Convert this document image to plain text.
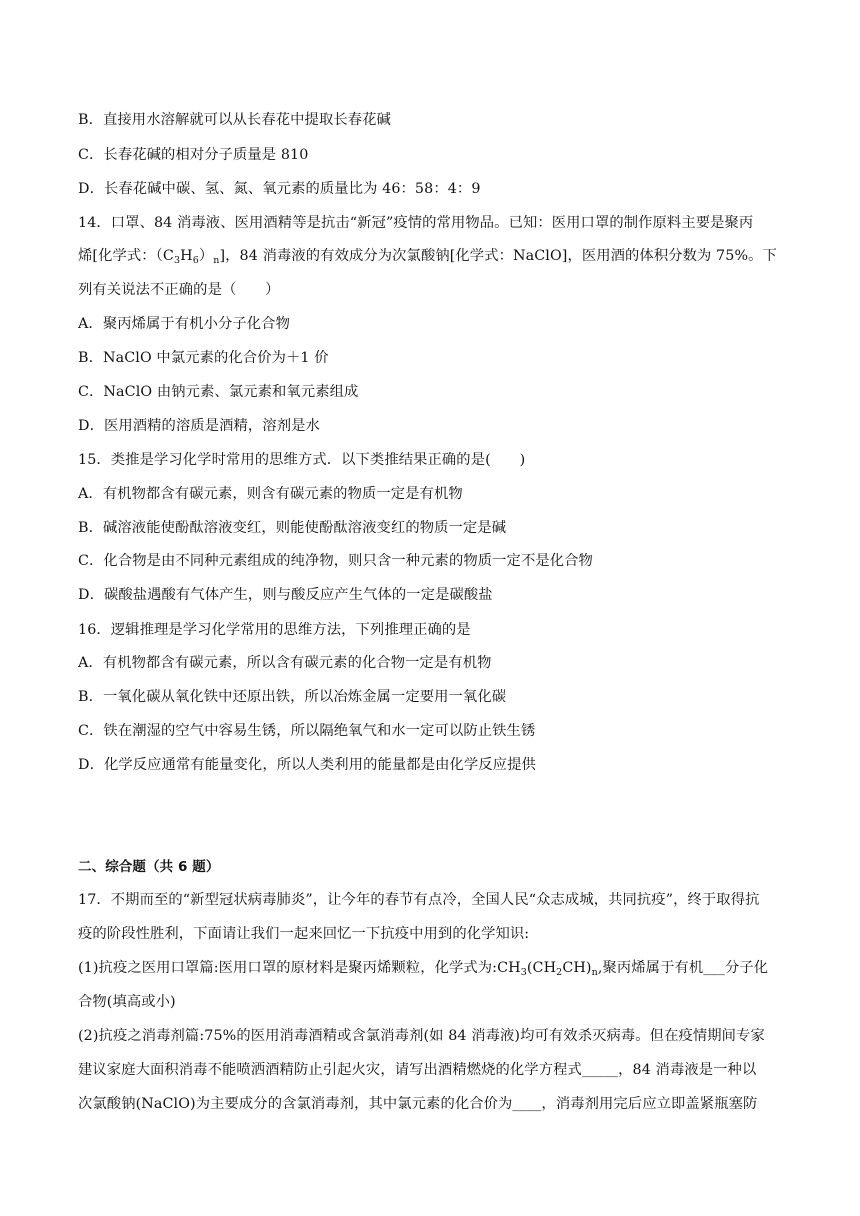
B．直接用水溶解就可以从长春花中提取长春花碱
C．长春花碱的相对分子质量是 810
D．长春花碱中碳、氢、氮、氧元素的质量比为 46：58：4：9
14．口罩、84 消毒液、医用酒精等是抗击“新冠”疫情的常用物品。已知：医用口罩的制作原料主要是聚丙
烯[化学式：$(C_3H_6)_n$]，84 消毒液的有效成分为次氯酸钠[化学式：NaClO]，医用酒的体积分数为 75%。下
列有关说法不正确的是（　　）
A．聚丙烯属于有机小分子化合物
B．NaClO 中氯元素的化合价为＋1 价
C．NaClO 由钠元素、氯元素和氧元素组成
D．医用酒精的溶质是酒精，溶剂是水
15．类推是学习化学时常用的思维方式．以下类推结果正确的是(　　)
A．有机物都含有碳元素，则含有碳元素的物质一定是有机物
B．碱溶液能使酚酞溶液变红，则能使酚酞溶液变红的物质一定是碱
C．化合物是由不同种元素组成的纯净物，则只含一种元素的物质一定不是化合物
D．碳酸盐遇酸有气体产生，则与酸反应产生气体的一定是碳酸盐
16．逻辑推理是学习化学常用的思维方法，下列推理正确的是
A．有机物都含有碳元素，所以含有碳元素的化合物一定是有机物
B．一氧化碳从氧化铁中还原出铁，所以冶炼金属一定要用一氧化碳
C．铁在潮湿的空气中容易生锈，所以隔绝氧气和水一定可以防止铁生锈
D．化学反应通常有能量变化，所以人类利用的能量都是由化学反应提供
二、综合题（共 6 题）
17．不期而至的“新型冠状病毒肺炎”，让今年的春节有点冷，全国人民“众志成城，共同抗疫”，终于取得抗
疫的阶段性胜利，下面请让我们一起来回忆一下抗疫中用到的化学知识:
(1)抗疫之医用口罩篇:医用口罩的原材料是聚丙烯颗粒，化学式为$:CH_3(CH_2CH)_n$,聚丙烯属于有机___分子化
合物(填高或小)
(2)抗疫之消毒剂篇:75%的医用消毒酒精或含氯消毒剂(如 84 消毒液)均可有效杀灭病毒。但在疫情期间专家
建议家庭大面积消毒不能喷洒酒精防止引起火灾，请写出酒精燃烧的化学方程式_____，84 消毒液是一种以
次氯酸钠(NaClO)为主要成分的含氯消毒剂，其中氯元素的化合价为____，消毒剂用完后应立即盖紧瓶塞防
